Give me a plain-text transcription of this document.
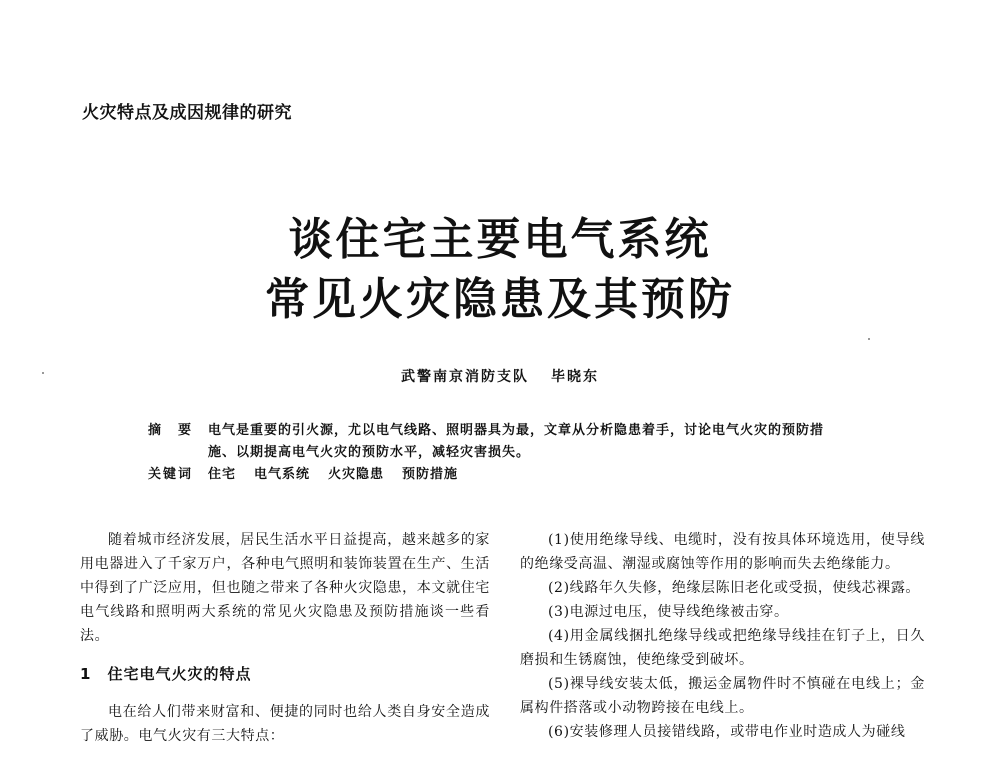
火灾特点及成因规律的研究
谈住宅主要电气系统
常见火灾隐患及其预防
武警南京消防支队 毕晓东
摘　要	电气是重要的引火源，尤以电气线路、照明器具为最，文章从分析隐患着手，讨论电气火灾的预防措
施、以期提高电气火灾的预防水平，减轻灾害损失。
关键词	住宅 电气系统 火灾隐患 预防措施

随着城市经济发展，居民生活水平日益提高，越来越多的家用电器进入了千家万户，各种电气照明和装饰装置在生产、生活中得到了广泛应用，但也随之带来了各种火灾隐患，本文就住宅电气线路和照明两大系统的常见火灾隐患及预防措施谈一些看法。

1 住宅电气火灾的特点

电在给人们带来财富和、便捷的同时也给人类自身安全造成了威胁。电气火灾有三大特点：

(1)使用绝缘导线、电缆时，没有按具体环境选用，使导线的绝缘受高温、潮湿或腐蚀等作用的影响而失去绝缘能力。

(2)线路年久失修，绝缘层陈旧老化或受损，使线芯裸露。

(3)电源过电压，使导线绝缘被击穿。

(4)用金属线捆扎绝缘导线或把绝缘导线挂在钉子上，日久磨损和生锈腐蚀，使绝缘受到破坏。

(5)裸导线安装太低，搬运金属物件时不慎碰在电线上；金属构件搭落或小动物跨接在电线上。

(6)安装修理人员接错线路，或带电作业时造成人为碰线
